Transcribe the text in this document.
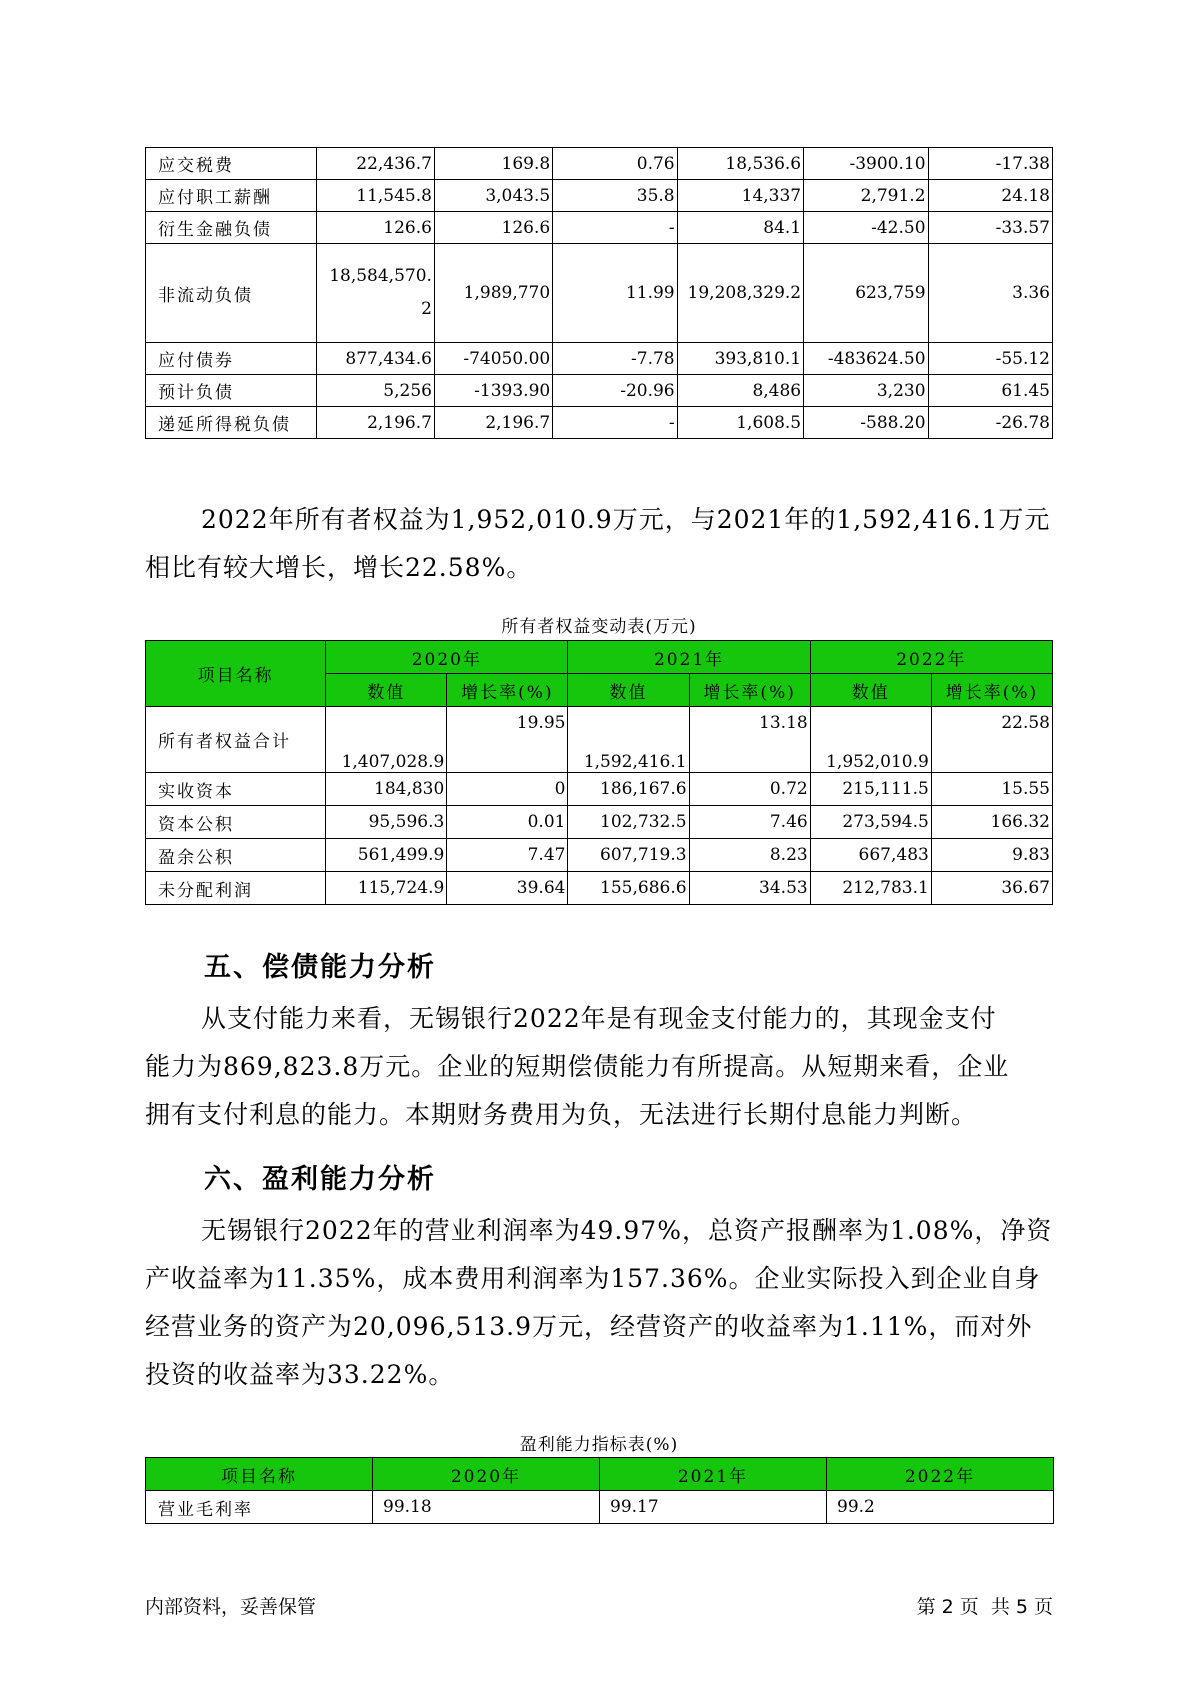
应交税费	22,436.7	169.8	0.76	18,536.6	-3900.10	-17.38
应付职工薪酬	11,545.8	3,043.5	35.8	14,337	2,791.2	24.18
衍生金融负债	126.6	126.6	-	84.1	-42.50	-33.57
非流动负债	18,584,570.2	1,989,770	11.99	19,208,329.2	623,759	3.36
应付债券	877,434.6	-74050.00	-7.78	393,810.1	-483624.50	-55.12
预计负债	5,256	-1393.90	-20.96	8,486	3,230	61.45
递延所得税负债	2,196.7	2,196.7	-	1,608.5	-588.20	-26.78

2022年所有者权益为1,952,010.9万元，与2021年的1,592,416.1万元
相比有较大增长，增长22.58%。

所有者权益变动表(万元)
项目名称	2020年		2021年		2022年	
	数值	增长率(%)	数值	增长率(%)	数值	增长率(%)
所有者权益合计	1,407,028.9	19.95	1,592,416.1	13.18	1,952,010.9	22.58
实收资本	184,830	0	186,167.6	0.72	215,111.5	15.55
资本公积	95,596.3	0.01	102,732.5	7.46	273,594.5	166.32
盈余公积	561,499.9	7.47	607,719.3	8.23	667,483	9.83
未分配利润	115,724.9	39.64	155,686.6	34.53	212,783.1	36.67
五、偿债能力分析

从支付能力来看，无锡银行2022年是有现金支付能力的，其现金支付
能力为869,823.8万元。企业的短期偿债能力有所提高。从短期来看，企业
拥有支付利息的能力。本期财务费用为负，无法进行长期付息能力判断。

六、盈利能力分析

无锡银行2022年的营业利润率为49.97%，总资产报酬率为1.08%，净资
产收益率为11.35%，成本费用利润率为157.36%。企业实际投入到企业自身
经营业务的资产为20,096,513.9万元，经营资产的收益率为1.11%，而对外
投资的收益率为33.22%。

盈利能力指标表(%)
项目名称	2020年	2021年	2022年
营业毛利率	99.18	99.17	99.2
内部资料，妥善保管	第 2 页  共 5 页
